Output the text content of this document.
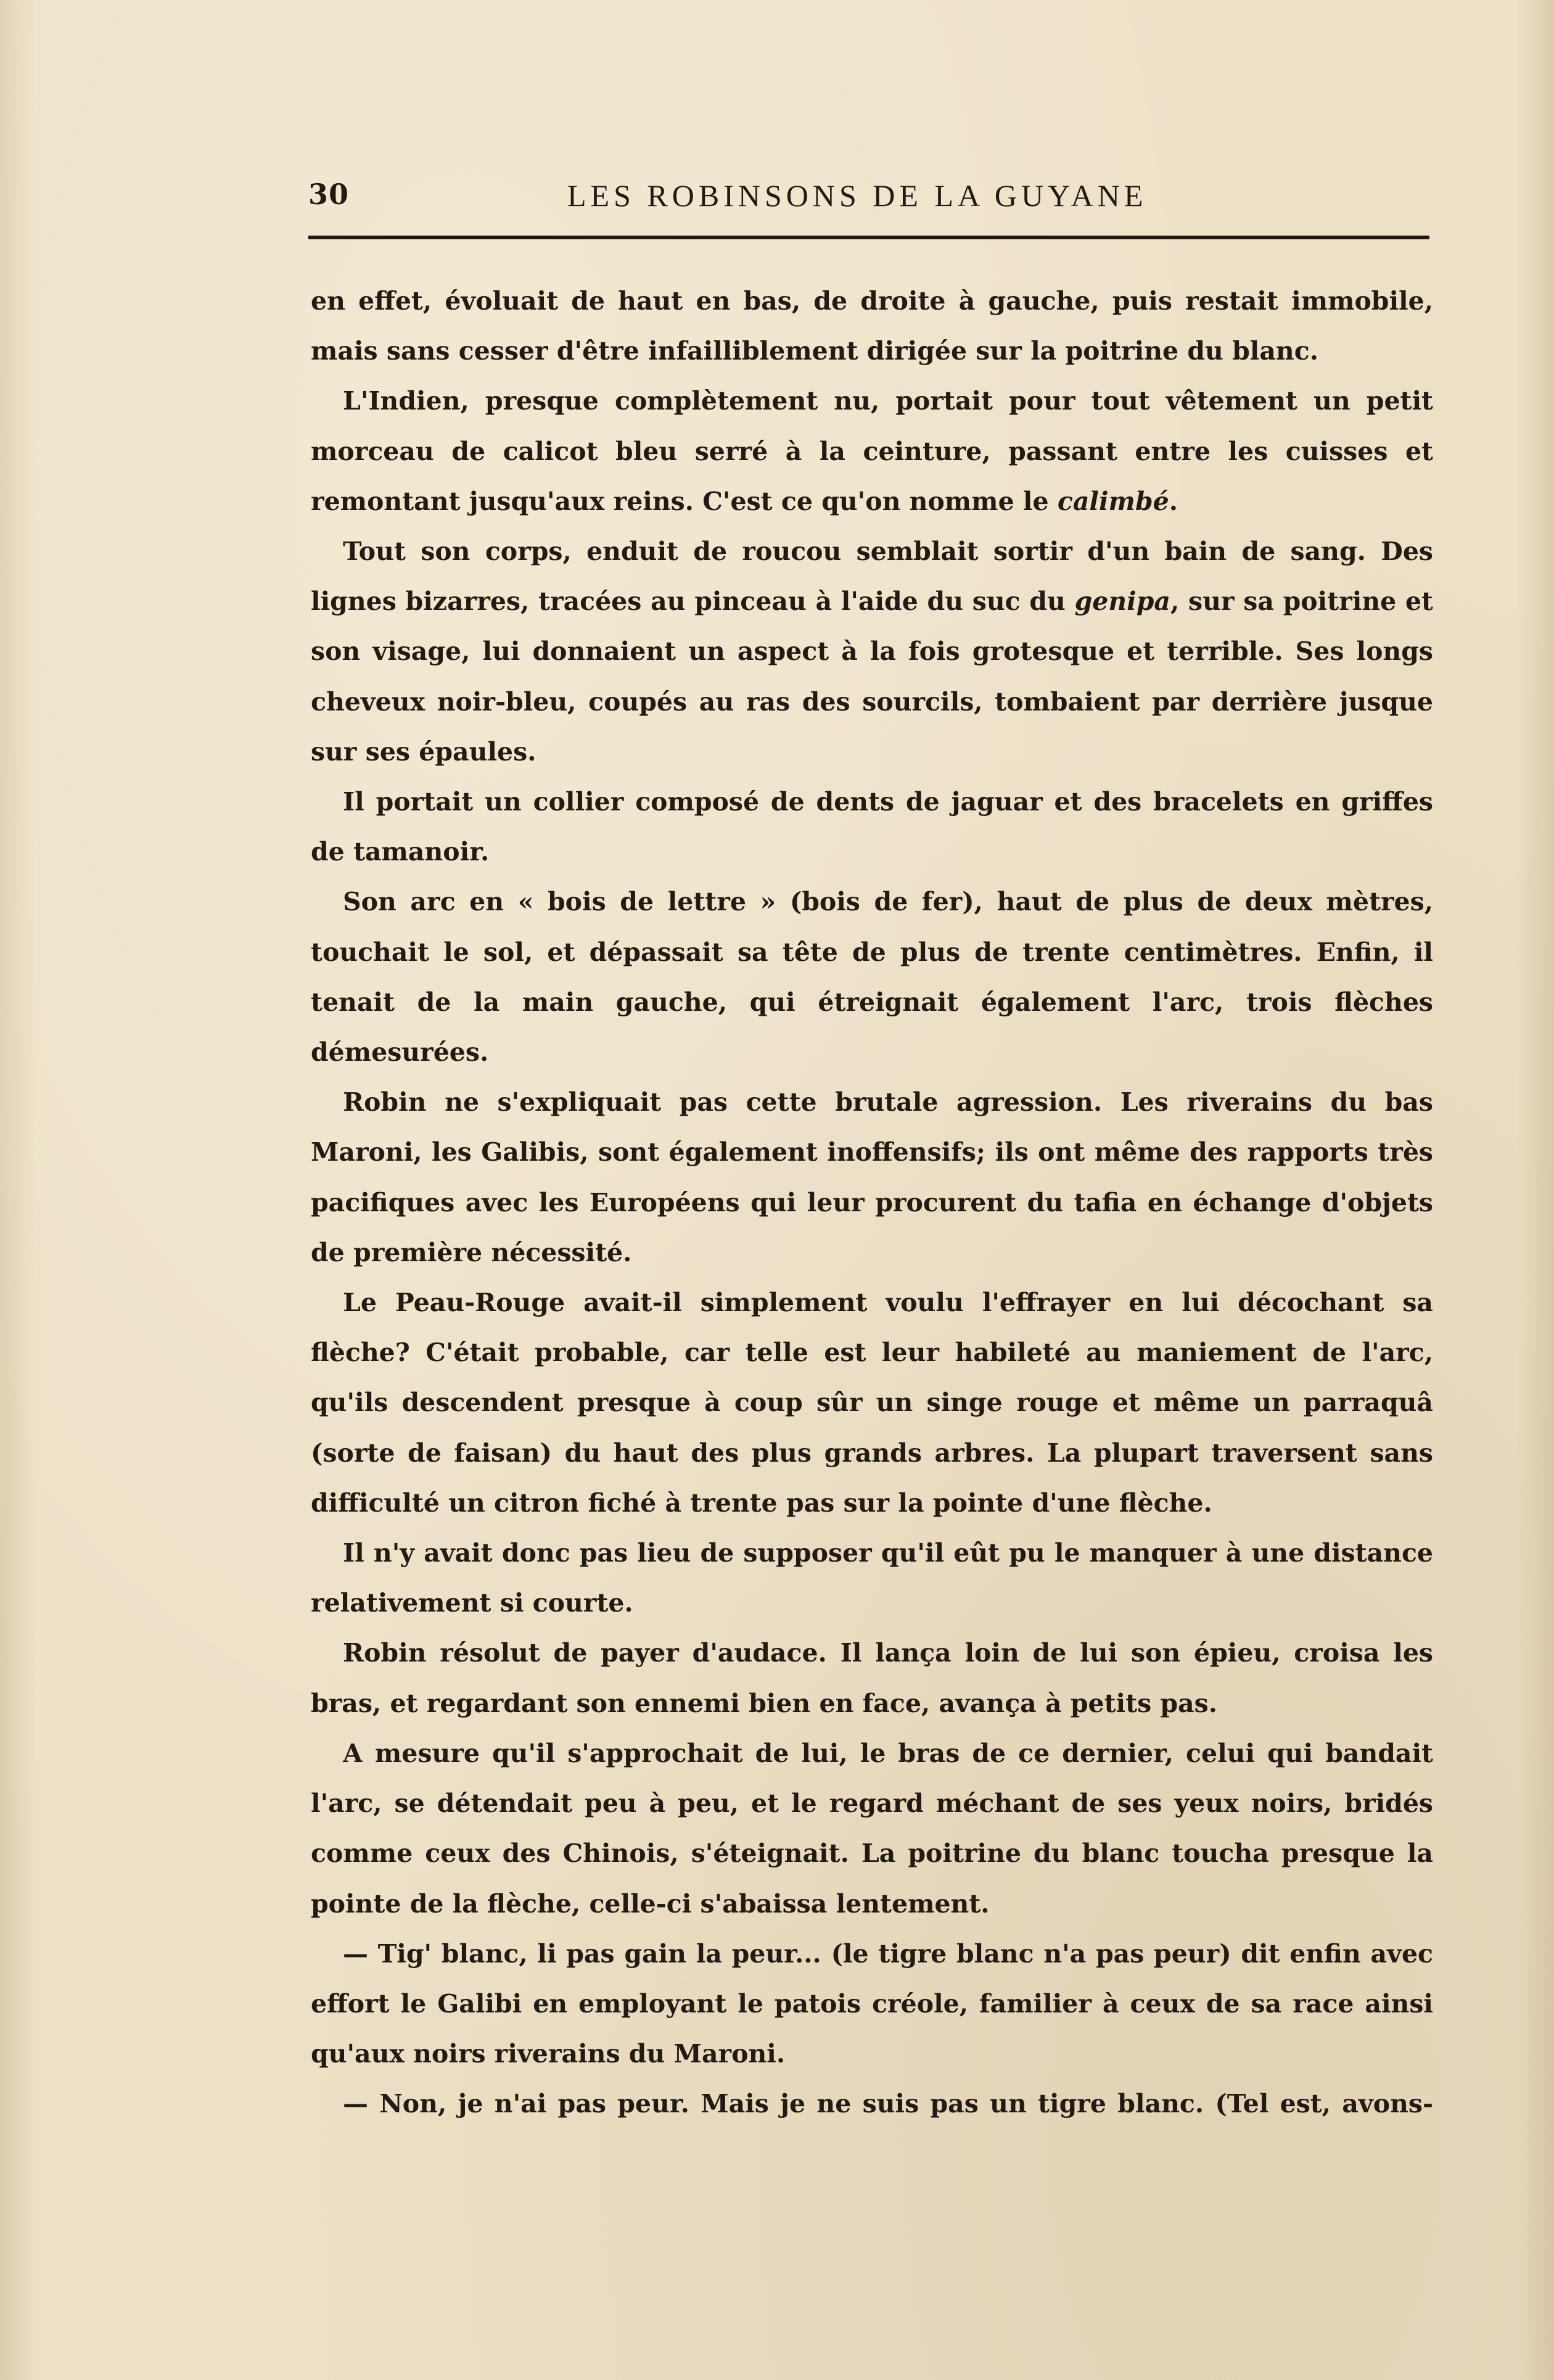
30	LES ROBINSONS DE LA GUYANE

en effet, évoluait de haut en bas, de droite à gauche, puis restait immobile, mais sans cesser d'être infailliblement dirigée sur la poitrine du blanc.

L'Indien, presque complètement nu, portait pour tout vêtement un petit morceau de calicot bleu serré à la ceinture, passant entre les cuisses et remontant jusqu'aux reins. C'est ce qu'on nomme le calimbé.

Tout son corps, enduit de roucou semblait sortir d'un bain de sang. Des lignes bizarres, tracées au pinceau à l'aide du suc du genipa, sur sa poitrine et son visage, lui donnaient un aspect à la fois grotesque et terrible. Ses longs cheveux noir-bleu, coupés au ras des sourcils, tombaient par derrière jusque sur ses épaules.

Il portait un collier composé de dents de jaguar et des bracelets en griffes de tamanoir.

Son arc en « bois de lettre » (bois de fer), haut de plus de deux mètres, touchait le sol, et dépassait sa tête de plus de trente centimètres. Enfin, il tenait de la main gauche, qui étreignait également l'arc, trois flèches démesurées.

Robin ne s'expliquait pas cette brutale agression. Les riverains du bas Maroni, les Galibis, sont également inoffensifs; ils ont même des rapports très pacifiques avec les Européens qui leur procurent du tafia en échange d'objets de première nécessité.

Le Peau-Rouge avait-il simplement voulu l'effrayer en lui décochant sa flèche? C'était probable, car telle est leur habileté au maniement de l'arc, qu'ils descendent presque à coup sûr un singe rouge et même un parraquâ (sorte de faisan) du haut des plus grands arbres. La plupart traversent sans difficulté un citron fiché à trente pas sur la pointe d'une flèche.

Il n'y avait donc pas lieu de supposer qu'il eût pu le manquer à une distance relativement si courte.

Robin résolut de payer d'audace. Il lança loin de lui son épieu, croisa les bras, et regardant son ennemi bien en face, avança à petits pas.

A mesure qu'il s'approchait de lui, le bras de ce dernier, celui qui bandait l'arc, se détendait peu à peu, et le regard méchant de ses yeux noirs, bridés comme ceux des Chinois, s'éteignait. La poitrine du blanc toucha presque la pointe de la flèche, celle-ci s'abaissa lentement.

— Tig' blanc, li pas gain la peur... (le tigre blanc n'a pas peur) dit enfin avec effort le Galibi en employant le patois créole, familier à ceux de sa race ainsi qu'aux noirs riverains du Maroni.

— Non, je n'ai pas peur. Mais je ne suis pas un tigre blanc. (Tel est, avons-
